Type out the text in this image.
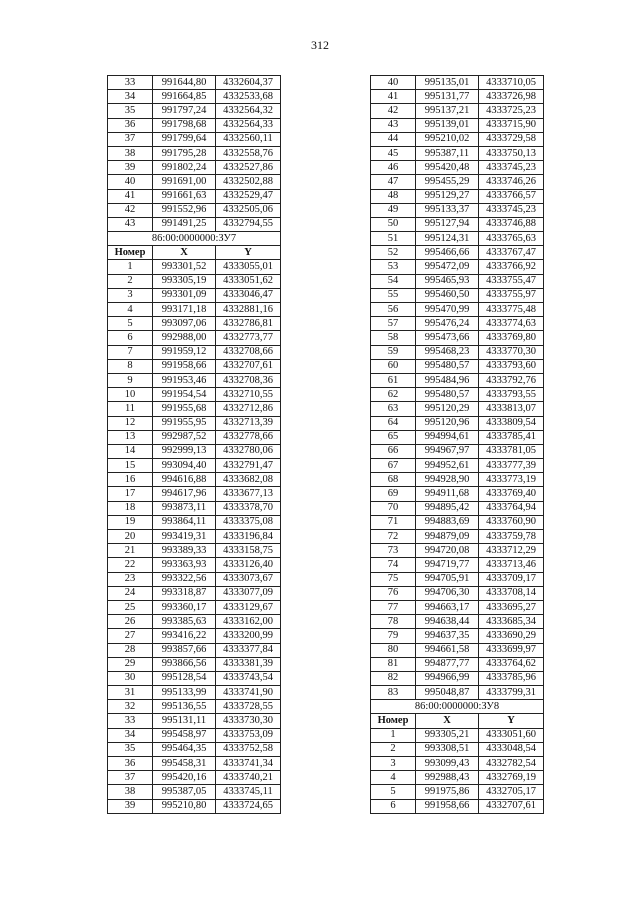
312
33	991644,80	4332604,37
34	991664,85	4332533,68
35	991797,24	4332564,32
36	991798,68	4332564,33
37	991799,64	4332560,11
38	991795,28	4332558,76
39	991802,24	4332527,86
40	991691,00	4332502,88
41	991661,63	4332529,47
42	991552,96	4332505,06
43	991491,25	4332794,55
86:00:0000000:ЗУ7		
Номер	X	Y
1	993301,52	4333055,01
2	993305,19	4333051,62
3	993301,09	4333046,47
4	993171,18	4332881,16
5	993097,06	4332786,81
6	992988,00	4332773,77
7	991959,12	4332708,66
8	991958,66	4332707,61
9	991953,46	4332708,36
10	991954,54	4332710,55
11	991955,68	4332712,86
12	991955,95	4332713,39
13	992987,52	4332778,66
14	992999,13	4332780,06
15	993094,40	4332791,47
16	994616,88	4333682,08
17	994617,96	4333677,13
18	993873,11	4333378,70
19	993864,11	4333375,08
20	993419,31	4333196,84
21	993389,33	4333158,75
22	993363,93	4333126,40
23	993322,56	4333073,67
24	993318,87	4333077,09
25	993360,17	4333129,67
26	993385,63	4333162,00
27	993416,22	4333200,99
28	993857,66	4333377,84
29	993866,56	4333381,39
30	995128,54	4333743,54
31	995133,99	4333741,90
32	995136,55	4333728,55
33	995131,11	4333730,30
34	995458,97	4333753,09
35	995464,35	4333752,58
36	995458,31	4333741,34
37	995420,16	4333740,21
38	995387,05	4333745,11
39	995210,80	4333724,65
40	995135,01	4333710,05
41	995131,77	4333726,98
42	995137,21	4333725,23
43	995139,01	4333715,90
44	995210,02	4333729,58
45	995387,11	4333750,13
46	995420,48	4333745,23
47	995455,29	4333746,26
48	995129,27	4333766,57
49	995133,37	4333745,23
50	995127,94	4333746,88
51	995124,31	4333765,63
52	995466,66	4333767,47
53	995472,09	4333766,92
54	995465,93	4333755,47
55	995460,50	4333755,97
56	995470,99	4333775,48
57	995476,24	4333774,63
58	995473,66	4333769,80
59	995468,23	4333770,30
60	995480,57	4333793,60
61	995484,96	4333792,76
62	995480,57	4333793,55
63	995120,29	4333813,07
64	995120,96	4333809,54
65	994994,61	4333785,41
66	994967,97	4333781,05
67	994952,61	4333777,39
68	994928,90	4333773,19
69	994911,68	4333769,40
70	994895,42	4333764,94
71	994883,69	4333760,90
72	994879,09	4333759,78
73	994720,08	4333712,29
74	994719,77	4333713,46
75	994705,91	4333709,17
76	994706,30	4333708,14
77	994663,17	4333695,27
78	994638,44	4333685,34
79	994637,35	4333690,29
80	994661,58	4333699,97
81	994877,77	4333764,62
82	994966,99	4333785,96
83	995048,87	4333799,31
86:00:0000000:ЗУ8		
Номер	X	Y
1	993305,21	4333051,60
2	993308,51	4333048,54
3	993099,43	4332782,54
4	992988,43	4332769,19
5	991975,86	4332705,17
6	991958,66	4332707,61
